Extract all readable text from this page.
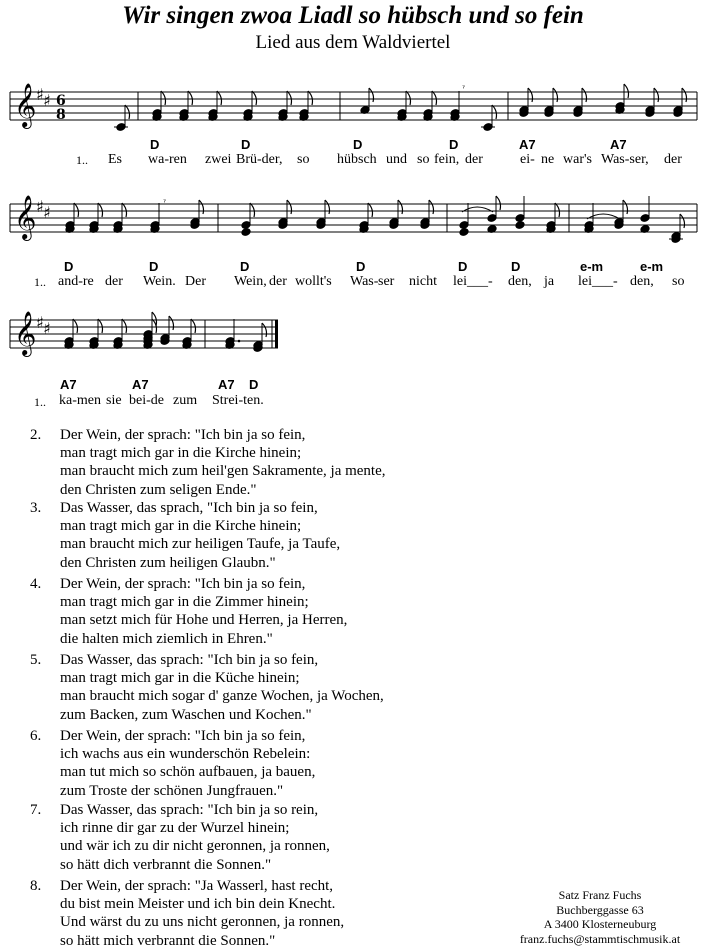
Wir singen zwoa Liadl so hübsch und so fein
Lied aus dem Waldviertel
𝄞 ♯ ♯ 6
8
ˀ
D	D	D	D	A7	A7
1.. Es wa-ren zwei Brü-der, so hübsch und so fein, der	ei- ne war's Was-ser, der
𝄞 ♯ ♯
ˀ
D	D	D	D	D	D	e-m	e-m
1.. and-re der Wein. Der Wein, der wollt's Was- ser nicht lei___- den, ja lei___- den, so
𝄞 ♯ ♯
A7	A7	A7 D
1.. ka-men sie bei-de zum Strei-ten.
2. Der Wein, der sprach: "Ich bin ja so fein,
man tragt mich gar in die Kirche hinein;
man braucht mich zum heil'gen Sakramente, ja mente,
den Christen zum seligen Ende."
3. Das Wasser, das sprach, "Ich bin ja so fein,
man tragt mich gar in die Kirche hinein;
man braucht mich zur heiligen Taufe, ja Taufe,
den Christen zum heiligen Glaubn."
4. Der Wein, der sprach: "Ich bin ja so fein,
man tragt mich gar in die Zimmer hinein;
man setzt mich für Hohe und Herren, ja Herren,
die halten mich ziemlich in Ehren."
5. Das Wasser, das sprach: "Ich bin ja so fein,
man tragt mich gar in die Küche hinein;
man braucht mich sogar d' ganze Wochen, ja Wochen,
zum Backen, zum Waschen und Kochen."
6. Der Wein, der sprach: "Ich bin ja so fein,
ich wachs aus ein wunderschön Rebelein:
man tut mich so schön aufbauen, ja bauen,
zum Troste der schönen Jungfrauen."
7. Das Wasser, das sprach: "Ich bin ja so rein,
ich rinne dir gar zu der Wurzel hinein;
und wär ich zu dir nicht geronnen, ja ronnen,
so hätt dich verbrannt die Sonnen."
8. Der Wein, der sprach: "Ja Wasserl, hast recht,
du bist mein Meister und ich bin dein Knecht.
Und wärst du zu uns nicht geronnen, ja ronnen,
so hätt mich verbrannt die Sonnen."
Satz Franz Fuchs
Buchberggasse 63
A 3400 Klosterneuburg
franz.fuchs@stammtischmusik.at
